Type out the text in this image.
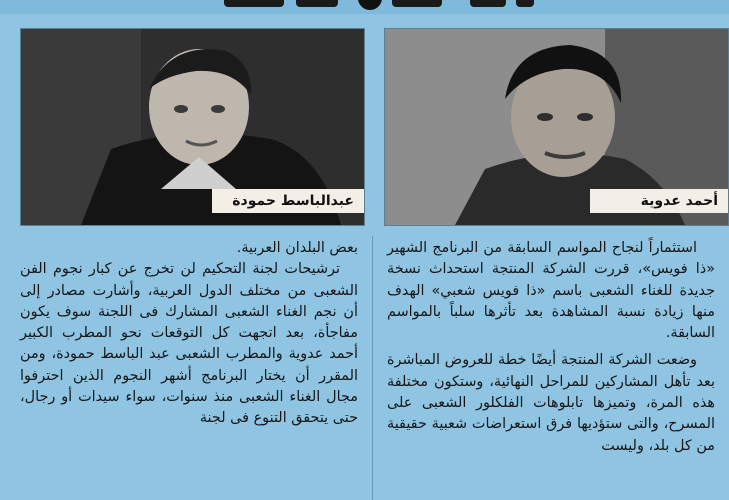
عبدالباسط حمودة	أحمد عدوية

استثماراً لنجاح المواسم السابقة من البرنامج الشهير «ذا فويس»، قررت الشركة المنتجة استحداث نسخة جديدة للغناء الشعبى باسم «ذا فويس شعبي» الهدف منها زيادة نسبة المشاهدة بعد تأثرها سلباً بالمواسم السابقة.

وضعت الشركة المنتجة أيضًا خطة للعروض المباشرة بعد تأهل المشاركين للمراحل النهائية، وستكون مختلفة هذه المرة، وتميزها تابلوهات الفلكلور الشعبى على المسرح، والتى ستؤديها فرق استعراضات شعبية حقيقية من كل بلد، وليست

بعض البلدان العربية.

ترشيحات لجنة التحكيم لن تخرج عن كبار نجوم الفن الشعبى من مختلف الدول العربية، وأشارت مصادر إلى أن نجم الغناء الشعبى المشارك فى اللجنة سوف يكون مفاجأة، بعد اتجهت كل التوقعات نحو المطرب الكبير أحمد عدوية والمطرب الشعبى عبد الباسط حمودة، ومن المقرر أن يختار البرنامج أشهر النجوم الذين احترفوا مجال الغناء الشعبى منذ سنوات، سواء سيدات أو رجال، حتى يتحقق التنوع فى لجنة
